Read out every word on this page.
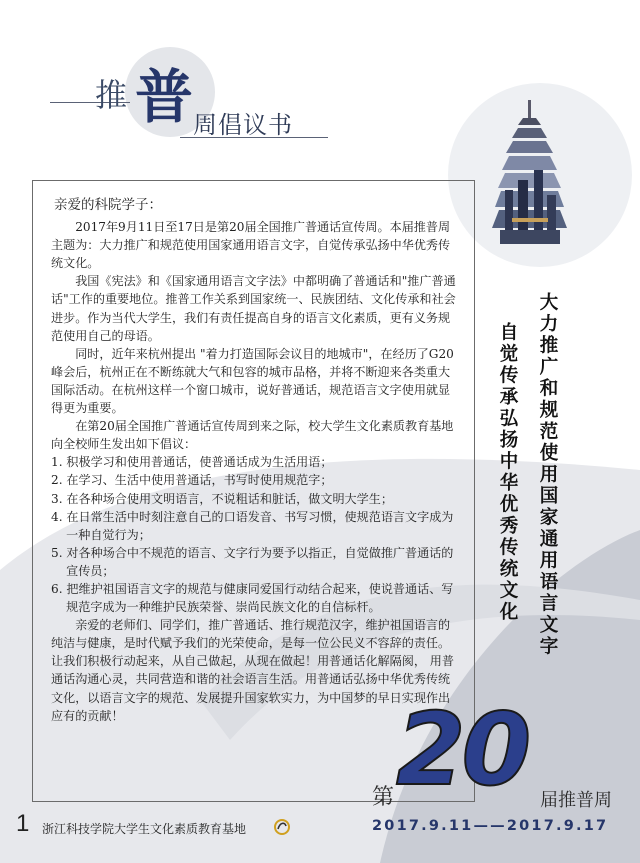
推 普 周倡议书
亲爱的科院学子：

2017年9月11日至17日是第20届全国推广普通话宣传周。本届推普周主题为：大力推广和规范使用国家通用语言文字，自觉传承弘扬中华优秀传统文化。

我国《宪法》和《国家通用语言文字法》中都明确了普通话和"推广普通话"工作的重要地位。推普工作关系到国家统一、民族团结、文化传承和社会进步。作为当代大学生，我们有责任提高自身的语言文化素质，更有义务规范使用自己的母语。

同时，近年来杭州提出 "着力打造国际会议目的地城市"，在经历了G20峰会后，杭州正在不断练就大气和包容的城市品格，并将不断迎来各类重大国际活动。在杭州这样一个窗口城市，说好普通话，规范语言文字使用就显得更为重要。

在第20届全国推广普通话宣传周到来之际，校大学生文化素质教育基地向全校师生发出如下倡议：

1. 积极学习和使用普通话，使普通话成为生活用语；

2. 在学习、生活中使用普通话，书写时使用规范字；

3. 在各种场合使用文明语言，不说粗话和脏话，做文明大学生；

4. 在日常生活中时刻注意自己的口语发音、书写习惯，使规范语言文字成为一种自觉行为；

5. 对各种场合中不规范的语言、文字行为要予以指正，自觉做推广普通话的宣传员；

6. 把维护祖国语言文字的规范与健康同爱国行动结合起来，使说普通话、写规范字成为一种维护民族荣誉、崇尚民族文化的自信标杆。

亲爱的老师们、同学们，推广普通话、推行规范汉字，维护祖国语言的纯洁与健康，是时代赋予我们的光荣使命，是每一位公民义不容辞的责任。让我们积极行动起来，从自己做起，从现在做起！用普通话化解隔阂， 用普通话沟通心灵，共同营造和谐的社会语言生活。用普通话弘扬中华优秀传统文化，以语言文字的规范、发展提升国家软实力，为中国梦的早日实现作出应有的贡献！

大力推广和规范使用国家通用语言文字
自觉传承弘扬中华优秀传统文化
20
第	届推普周
2017.9.11——2017.9.17
1 浙江科技学院大学生文化素质教育基地
